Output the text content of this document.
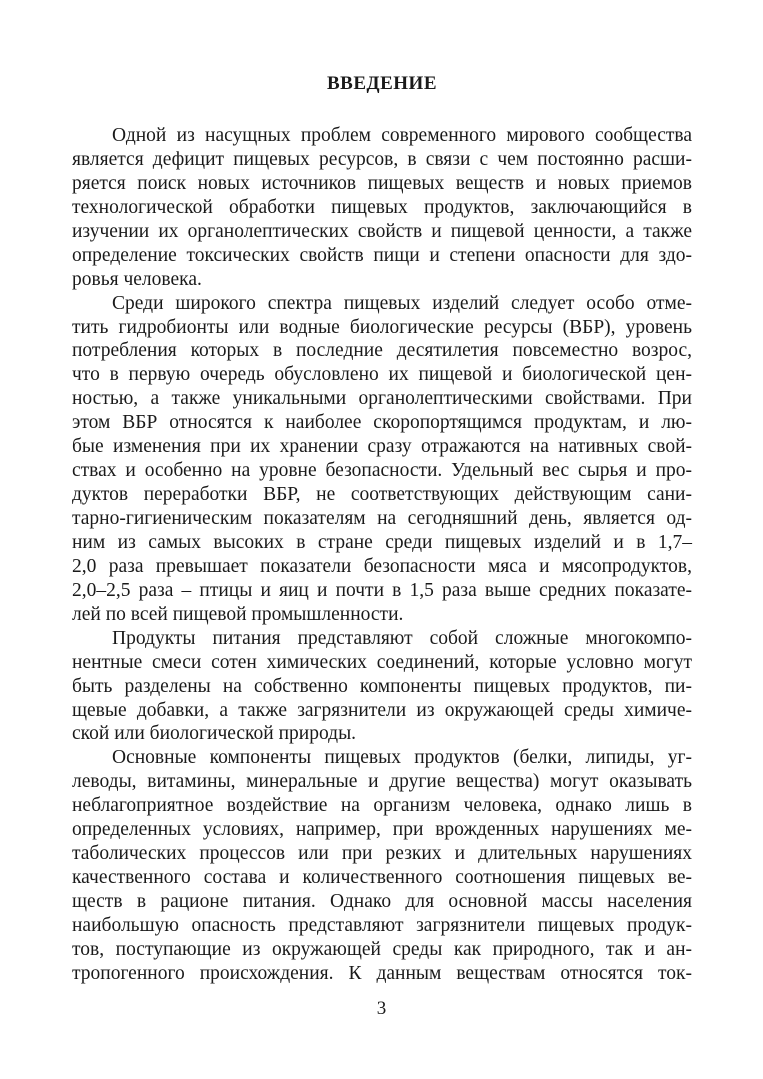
ВВЕДЕНИЕ
Одной из насущных проблем современного мирового сообщества
является дефицит пищевых ресурсов, в связи с чем постоянно расши-
ряется поиск новых источников пищевых веществ и новых приемов
технологической обработки пищевых продуктов, заключающийся в
изучении их органолептических свойств и пищевой ценности, а также
определение токсических свойств пищи и степени опасности для здо-
ровья человека.
Среди широкого спектра пищевых изделий следует особо отме-
тить гидробионты или водные биологические ресурсы (ВБР), уровень
потребления которых в последние десятилетия повсеместно возрос,
что в первую очередь обусловлено их пищевой и биологической цен-
ностью, а также уникальными органолептическими свойствами. При
этом ВБР относятся к наиболее скоропортящимся продуктам, и лю-
бые изменения при их хранении сразу отражаются на нативных свой-
ствах и особенно на уровне безопасности. Удельный вес сырья и про-
дуктов переработки ВБР, не соответствующих действующим сани-
тарно-гигиеническим показателям на сегодняшний день, является од-
ним из самых высоких в стране среди пищевых изделий и в 1,7–
2,0 раза превышает показатели безопасности мяса и мясопродуктов,
2,0–2,5 раза – птицы и яиц и почти в 1,5 раза выше средних показате-
лей по всей пищевой промышленности.
Продукты питания представляют собой сложные многокомпо-
нентные смеси сотен химических соединений, которые условно могут
быть разделены на собственно компоненты пищевых продуктов, пи-
щевые добавки, а также загрязнители из окружающей среды химиче-
ской или биологической природы.
Основные компоненты пищевых продуктов (белки, липиды, уг-
леводы, витамины, минеральные и другие вещества) могут оказывать
неблагоприятное воздействие на организм человека, однако лишь в
определенных условиях, например, при врожденных нарушениях ме-
таболических процессов или при резких и длительных нарушениях
качественного состава и количественного соотношения пищевых ве-
ществ в рационе питания. Однако для основной массы населения
наибольшую опасность представляют загрязнители пищевых продук-
тов, поступающие из окружающей среды как природного, так и ан-
тропогенного происхождения. К данным веществам относятся ток-
3
